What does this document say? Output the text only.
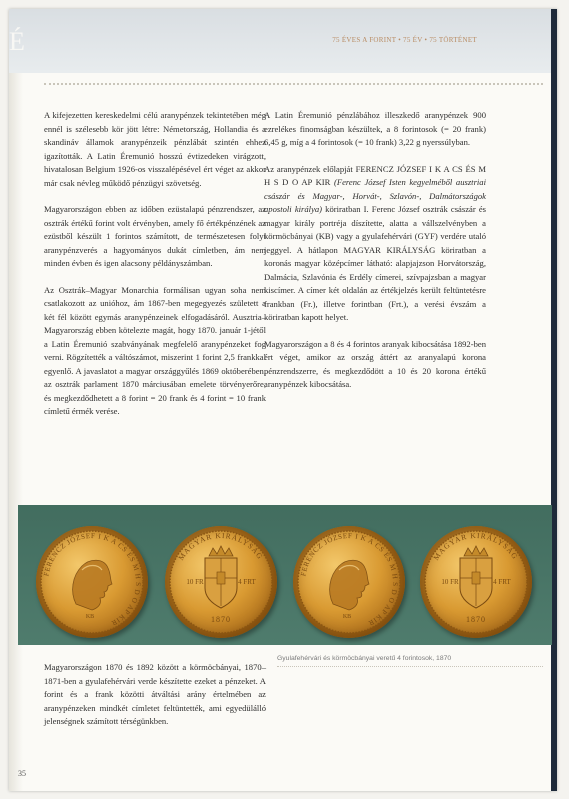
É	75 ÉVES A FORINT • 75 ÉV • 75 TÖRTÉNET

A kifejezetten kereskedelmi célú aranypénzek tekintetében még ennél is szélesebb kör jött létre: Németország, Hollandia és a skandináv államok aranypénzeik pénzlábát szintén ehhez igazították. A Latin Éremunió hosszú évtizedeken virágzott, hivatalosan Belgium 1926-os visszalépésével ért véget az akkor már csak névleg működő pénzügyi szövetség.

Magyarországon ebben az időben ezüstalapú pénzrendszer, az osztrák értékű forint volt érvényben, amely fő értékpénzének az ezüstből készült 1 forintos számított, de természetesen folyt aranypénzverés a hagyományos dukát címletben, ám nem minden évben és igen alacsony példányszámban.

Az Osztrák–Magyar Monarchia formálisan ugyan soha nem csatlakozott az unióhoz, ám 1867-ben megegyezés született a két fél között egymás aranypénzeinek elfogadásáról. Ausztria–Magyarország ebben kötelezte magát, hogy 1870. január 1-jétől a Latin Éremunió szabványának megfelelő aranypénzeket fog verni. Rögzítették a váltószámot, miszerint 1 forint 2,5 frankkal egyenlő. A javaslatot a magyar országgyűlés 1869 októberében, az osztrák parlament 1870 márciusában emelete törvényerőre, és megkezdődhetett a 8 forint = 20 frank és 4 forint = 10 frank címletű érmék verése.

A Latin Éremunió pénzlábához illeszkedő aranypénzek 900 ezrelékes finomságban készültek, a 8 forintosok (= 20 frank) 6,45 g, míg a 4 forintosok (= 10 frank) 3,22 g nyerssúlyban.

Az aranypénzek előlapját FERENCZ JÓZSEF I K A CS ÉS M H S D O AP KIR (Ferenc József Isten kegyelméből ausztriai császár és Magyar-, Horvát-, Szlavón-, Dalmátországok apostoli királya) köriratban I. Ferenc József osztrák császár és magyar király portréja díszítette, alatta a vállszelvényben a körmöcbányai (KB) vagy a gyulafehérvári (GYF) verdére utaló jeggyel. A hátlapon MAGYAR KIRÁLYSÁG köriratban a koronás magyar középcímer látható: alapjajzson Horvátország, Dalmácia, Szlavónia és Erdély címerei, szívpajzsban a magyar kiscímer. A címer két oldalán az értékjelzés került feltüntetésre frankban (Fr.), illetve forintban (Frt.), a verési évszám a köriratban kapott helyet.

Magyarországon a 8 és 4 forintos aranyak kibocsátása 1892-ben ért véget, amikor az ország áttért az aranyalapú korona pénzrendszerre, és megkezdődött a 10 és 20 korona értékű aranypénzek kibocsátása.

FERENCZ JÓZSEF I K A CS ÉS M H S D O AP KIR
KB
MAGYAR KIRÁLYSÁG
10 FR	4 FRT
1870
FERENCZ JÓZSEF I K A CS ÉS M H S D O AP KIR
KB
MAGYAR KIRÁLYSÁG
10 FR	4 FRT
1870
Gyulafehérvári és körmöcbányai veretű 4 forintosok, 1870

Magyarországon 1870 és 1892 között a körmöcbányai, 1870–1871-ben a gyulafehérvári verde készítette ezeket a pénzeket. A forint és a frank közötti átváltási arány értelmében az aranypénzeken mindkét címletet feltüntették, ami egyedülálló jelenségnek számított térségünkben.

35
